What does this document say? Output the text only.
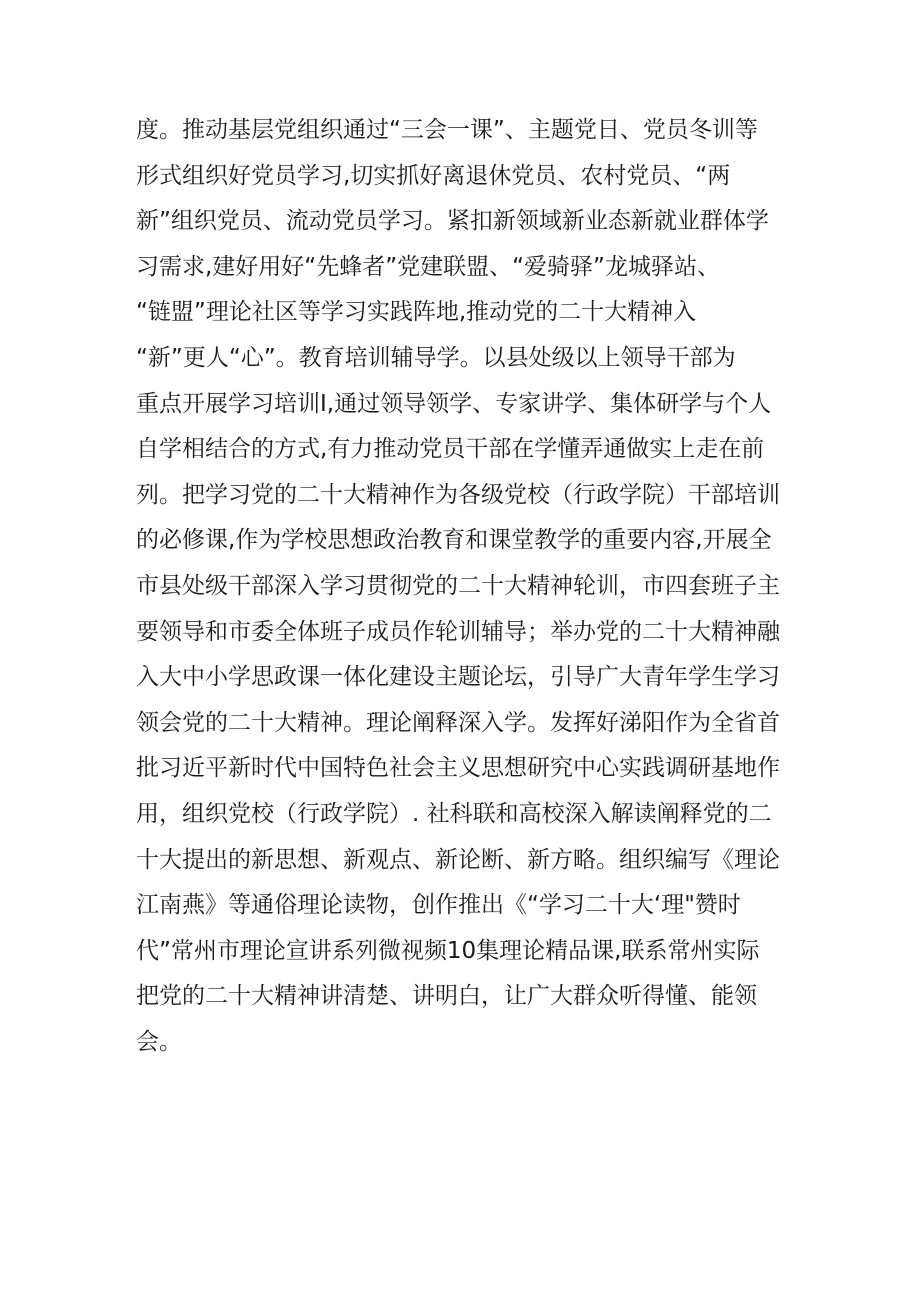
度。推动基层党组织通过“三会一课”、主题党日、党员冬训等
形式组织好党员学习,切实抓好离退休党员、农村党员、“两
新”组织党员、流动党员学习。紧扣新领域新业态新就业群体学
习需求,建好用好“先蜂者”党建联盟、“爱骑驿”龙城驿站、
“链盟”理论社区等学习实践阵地,推动党的二十大精神入
“新”更人“心”。教育培训辅导学。以县处级以上领导干部为
重点开展学习培训I,通过领导领学、专家讲学、集体研学与个人
自学相结合的方式,有力推动党员干部在学懂弄通做实上走在前
列。把学习党的二十大精神作为各级党校（行政学院）干部培训
的必修课,作为学校思想政治教育和课堂教学的重要内容,开展全
市县处级干部深入学习贯彻党的二十大精神轮训，市四套班子主
要领导和市委全体班子成员作轮训辅导；举办党的二十大精神融
入大中小学思政课一体化建设主题论坛，引导广大青年学生学习
领会党的二十大精神。理论阐释深入学。发挥好涕阳作为全省首
批习近平新时代中国特色社会主义思想研究中心实践调研基地作
用，组织党校（行政学院）. 社科联和高校深入解读阐释党的二
十大提出的新思想、新观点、新论断、新方略。组织编写《理论
江南燕》等通俗理论读物，创作推出《“学习二十大‘理"赞时
代”常州市理论宣讲系列微视频10集理论精品课,联系常州实际
把党的二十大精神讲清楚、讲明白，让广大群众听得懂、能领
会。
